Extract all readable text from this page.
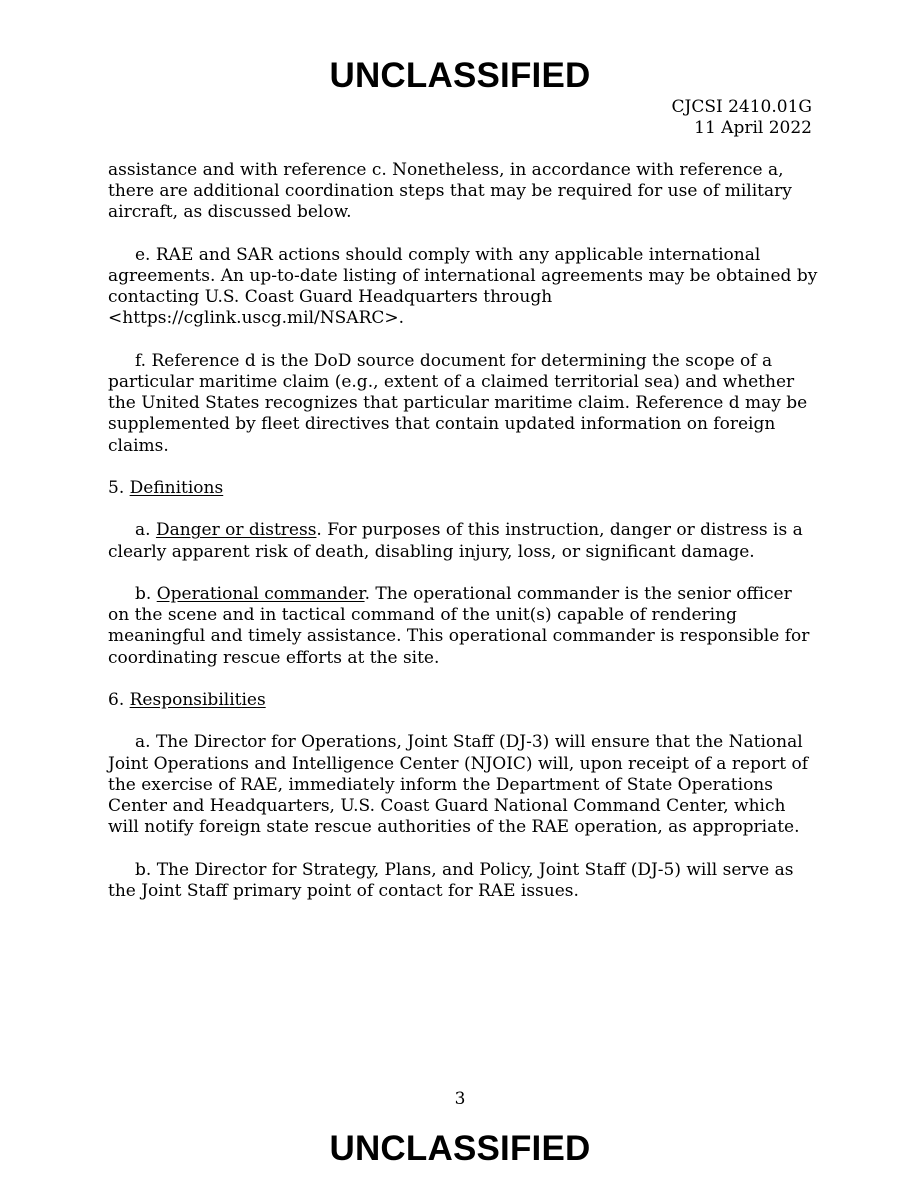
UNCLASSIFIED
CJCSI 2410.01G
11 April 2022

assistance and with reference c. Nonetheless, in accordance with reference a, there are additional coordination steps that may be required for use of military aircraft, as discussed below.

e. RAE and SAR actions should comply with any applicable international agreements. An up-to-date listing of international agreements may be obtained by contacting U.S. Coast Guard Headquarters through <https://cglink.uscg.mil/NSARC>.

f. Reference d is the DoD source document for determining the scope of a particular maritime claim (e.g., extent of a claimed territorial sea) and whether the United States recognizes that particular maritime claim. Reference d may be supplemented by fleet directives that contain updated information on foreign claims.

5. Definitions

a. Danger or distress. For purposes of this instruction, danger or distress is a clearly apparent risk of death, disabling injury, loss, or significant damage.

b. Operational commander. The operational commander is the senior officer on the scene and in tactical command of the unit(s) capable of rendering meaningful and timely assistance. This operational commander is responsible for coordinating rescue efforts at the site.

6. Responsibilities

a. The Director for Operations, Joint Staff (DJ-3) will ensure that the National Joint Operations and Intelligence Center (NJOIC) will, upon receipt of a report of the exercise of RAE, immediately inform the Department of State Operations Center and Headquarters, U.S. Coast Guard National Command Center, which will notify foreign state rescue authorities of the RAE operation, as appropriate.

b. The Director for Strategy, Plans, and Policy, Joint Staff (DJ-5) will serve as the Joint Staff primary point of contact for RAE issues.

3
UNCLASSIFIED
